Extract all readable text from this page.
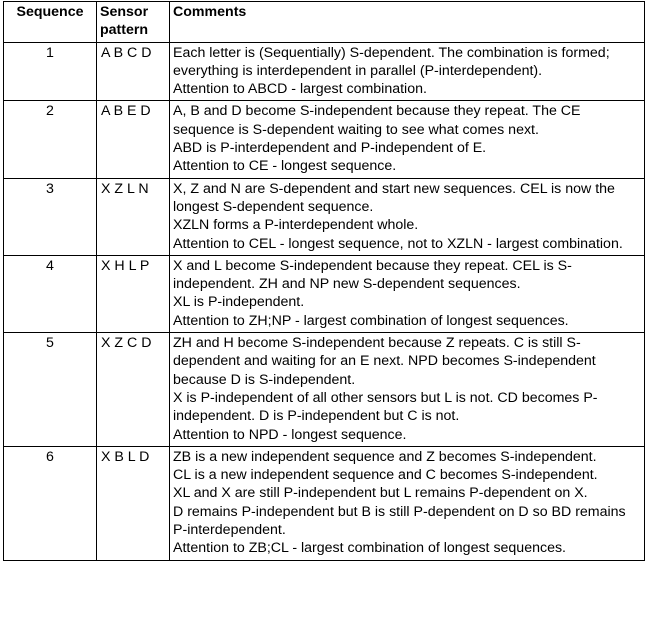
Sequence	Sensor pattern	Comments
1	A B C D	Each letter is (Sequentially) S-dependent. The combination is formed; everything is interdependent in parallel (P-interdependent).
Attention to ABCD - largest combination.

2	A B E D	A, B and D become S-independent because they repeat. The CE sequence is S-dependent waiting to see what comes next.
ABD is P-interdependent and P-independent of E.
Attention to CE - longest sequence.

3	X Z L N	X, Z and N are S-dependent and start new sequences. CEL is now the longest S-dependent sequence.
XZLN forms a P-interdependent whole.
Attention to CEL - longest sequence, not to XZLN - largest combination.

4	X H L P	X and L become S-independent because they repeat. CEL is S-independent. ZH and NP new S-dependent sequences.
XL is P-independent.
Attention to ZH;NP - largest combination of longest sequences.

5	X Z C D	ZH and H become S-independent because Z repeats. C is still S-dependent and waiting for an E next. NPD becomes S-independent because D is S-independent.
X is P-independent of all other sensors but L is not. CD becomes P-independent. D is P-independent but C is not.
Attention to NPD - longest sequence.

6	X B L D	ZB is a new independent sequence and Z becomes S-independent.
CL is a new independent sequence and C becomes S-independent.
XL and X are still P-independent but L remains P-dependent on X.
D remains P-independent but B is still P-dependent on D so BD remains P-interdependent.
Attention to ZB;CL - largest combination of longest sequences.
